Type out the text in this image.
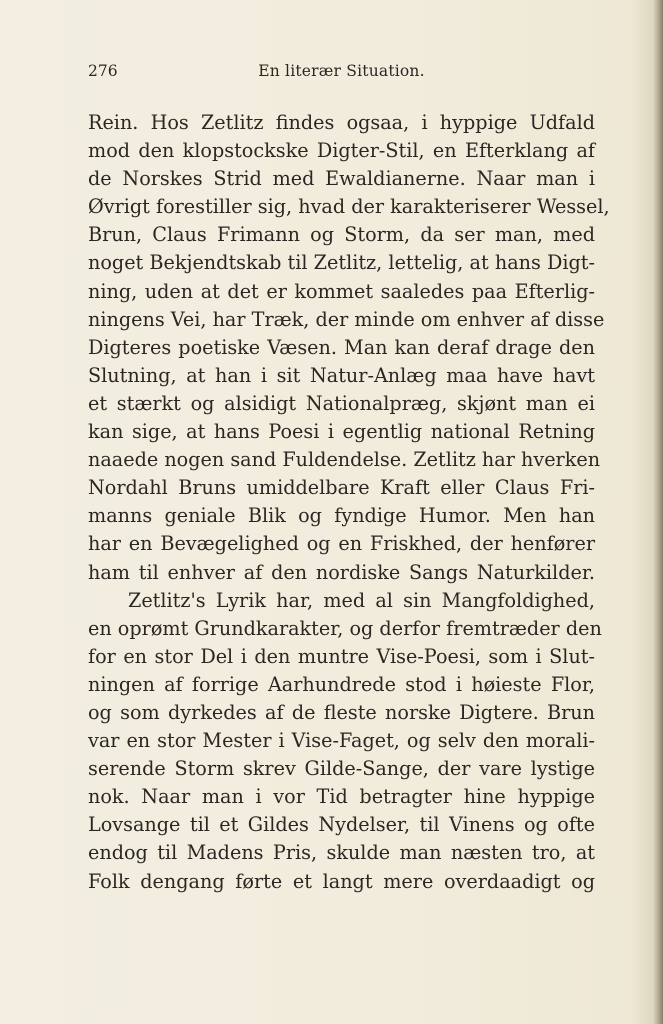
276	En literær Situation.
Rein. Hos Zetlitz findes ogsaa, i hyppige Udfald
mod den klopstockske Digter-Stil, en Efterklang af
de Norskes Strid med Ewaldianerne. Naar man i
Øvrigt forestiller sig, hvad der karakteriserer Wessel,
Brun, Claus Frimann og Storm, da ser man, med
noget Bekjendtskab til Zetlitz, lettelig, at hans Digt-
ning, uden at det er kommet saaledes paa Efterlig-
ningens Vei, har Træk, der minde om enhver af disse
Digteres poetiske Væsen. Man kan deraf drage den
Slutning, at han i sit Natur-Anlæg maa have havt
et stærkt og alsidigt Nationalpræg, skjønt man ei
kan sige, at hans Poesi i egentlig national Retning
naaede nogen sand Fuldendelse. Zetlitz har hverken
Nordahl Bruns umiddelbare Kraft eller Claus Fri-
manns geniale Blik og fyndige Humor. Men han
har en Bevægelighed og en Friskhed, der henfører
ham til enhver af den nordiske Sangs Naturkilder.
Zetlitz's Lyrik har, med al sin Mangfoldighed,
en oprømt Grundkarakter, og derfor fremtræder den
for en stor Del i den muntre Vise-Poesi, som i Slut-
ningen af forrige Aarhundrede stod i høieste Flor,
og som dyrkedes af de fleste norske Digtere. Brun
var en stor Mester i Vise-Faget, og selv den morali-
serende Storm skrev Gilde-Sange, der vare lystige
nok. Naar man i vor Tid betragter hine hyppige
Lovsange til et Gildes Nydelser, til Vinens og ofte
endog til Madens Pris, skulde man næsten tro, at
Folk dengang førte et langt mere overdaadigt og
